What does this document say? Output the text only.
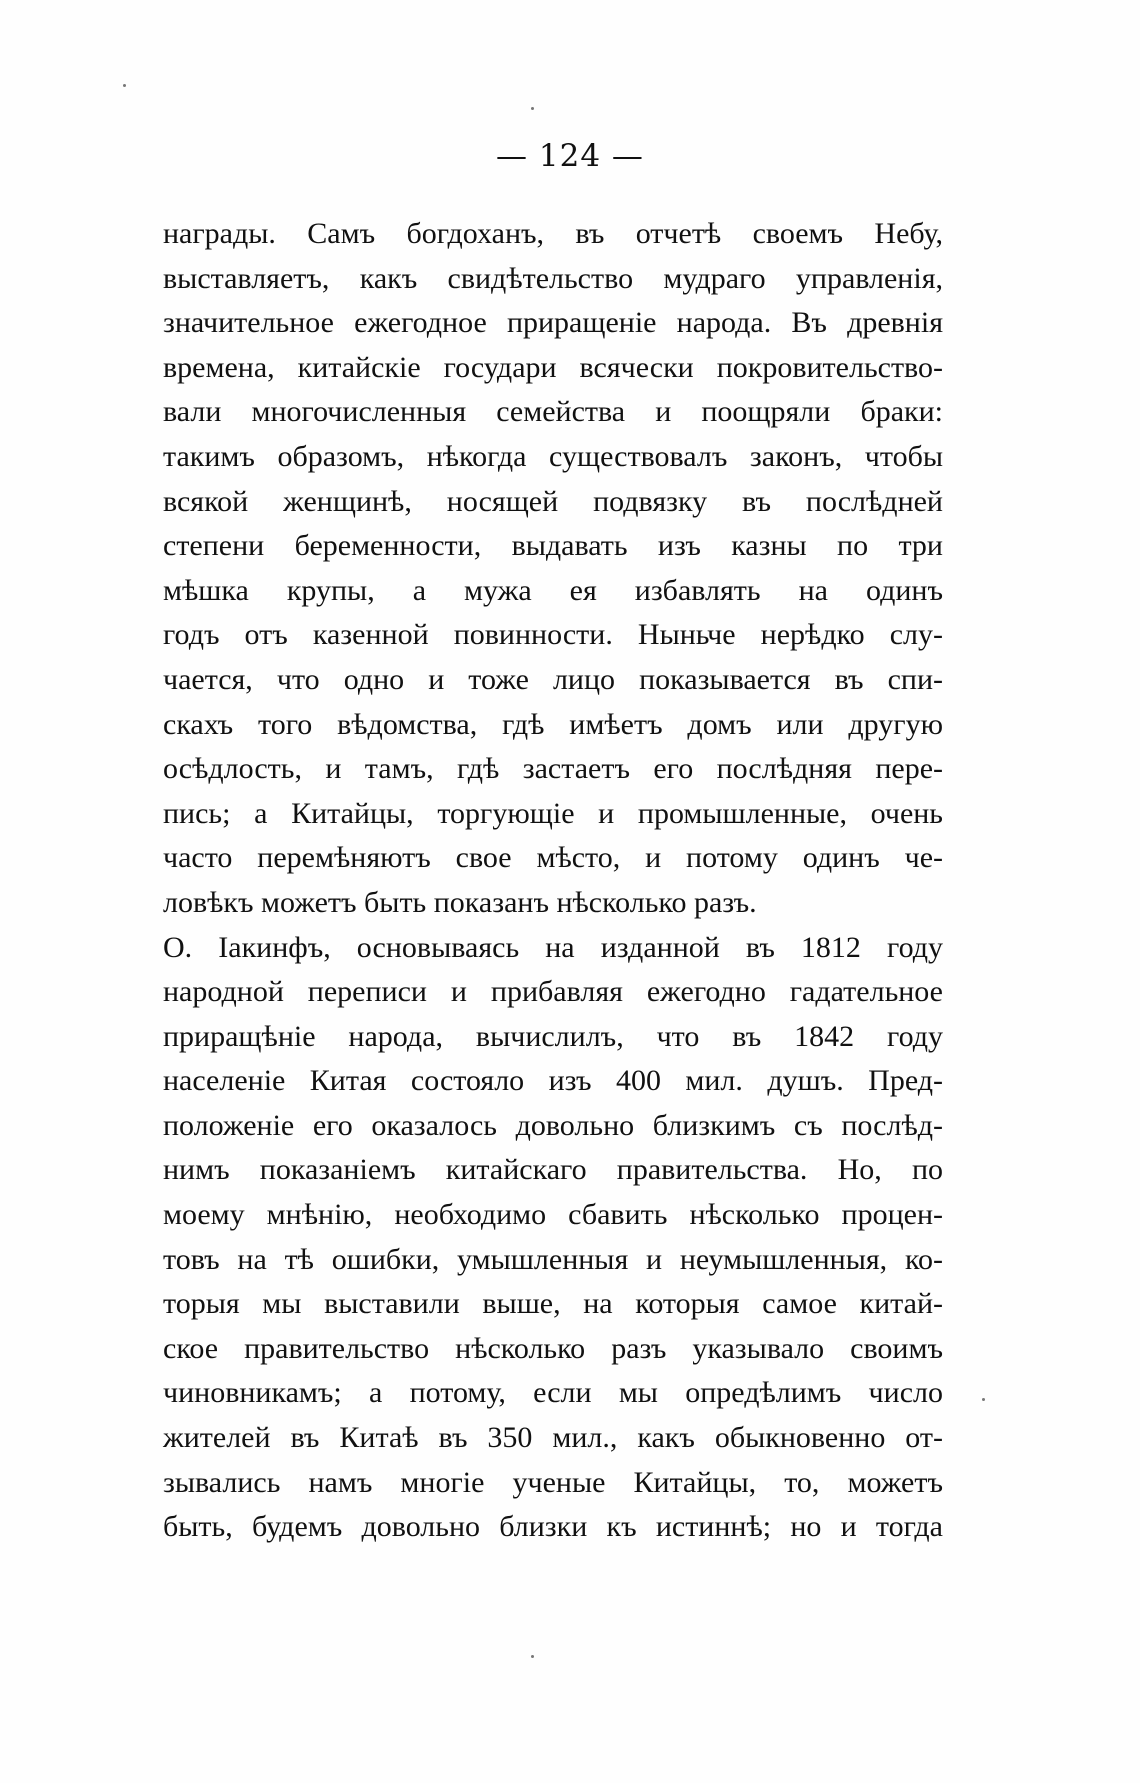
— 124 —
награды. Самъ богдоханъ, въ отчетѣ своемъ Небу,
выставляетъ, какъ свидѣтельство мудраго управленія,
значительное ежегодное приращеніе народа. Въ древнія
времена, китайскіе государи всячески покровительство-
вали многочисленныя семейства и поощряли браки:
такимъ образомъ, нѣкогда существовалъ законъ, чтобы
всякой женщинѣ, носящей подвязку въ послѣдней
степени беременности, выдавать изъ казны по три
мѣшка крупы, а мужа ея избавлять на одинъ
годъ отъ казенной повинности. Ныньче нерѣдко слу-
чается, что одно и тоже лицо показывается въ спи-
скахъ того вѣдомства, гдѣ имѣетъ домъ или другую
осѣдлость, и тамъ, гдѣ застаетъ его послѣдняя пере-
пись; а Китайцы, торгующіе и промышленные, очень
часто перемѣняютъ свое мѣсто, и потому одинъ че-
ловѣкъ можетъ быть показанъ нѣсколько разъ.
О. Іакинфъ, основываясь на изданной въ 1812 году
народной переписи и прибавляя ежегодно гадательное
приращѣніе народа, вычислилъ, что въ 1842 году
населеніе Китая состояло изъ 400 мил. душъ. Пред-
положеніе его оказалось довольно близкимъ съ послѣд-
нимъ показаніемъ китайскаго правительства. Но, по
моему мнѣнію, необходимо сбавить нѣсколько процен-
товъ на тѣ ошибки, умышленныя и неумышленныя, ко-
торыя мы выставили выше, на которыя самое китай-
ское правительство нѣсколько разъ указывало своимъ
чиновникамъ; а потому, если мы опредѣлимъ число
жителей въ Китаѣ въ 350 мил., какъ обыкновенно от-
зывались намъ многіе ученые Китайцы, то, можетъ
быть, будемъ довольно близки къ истиннѣ; но и тогда
